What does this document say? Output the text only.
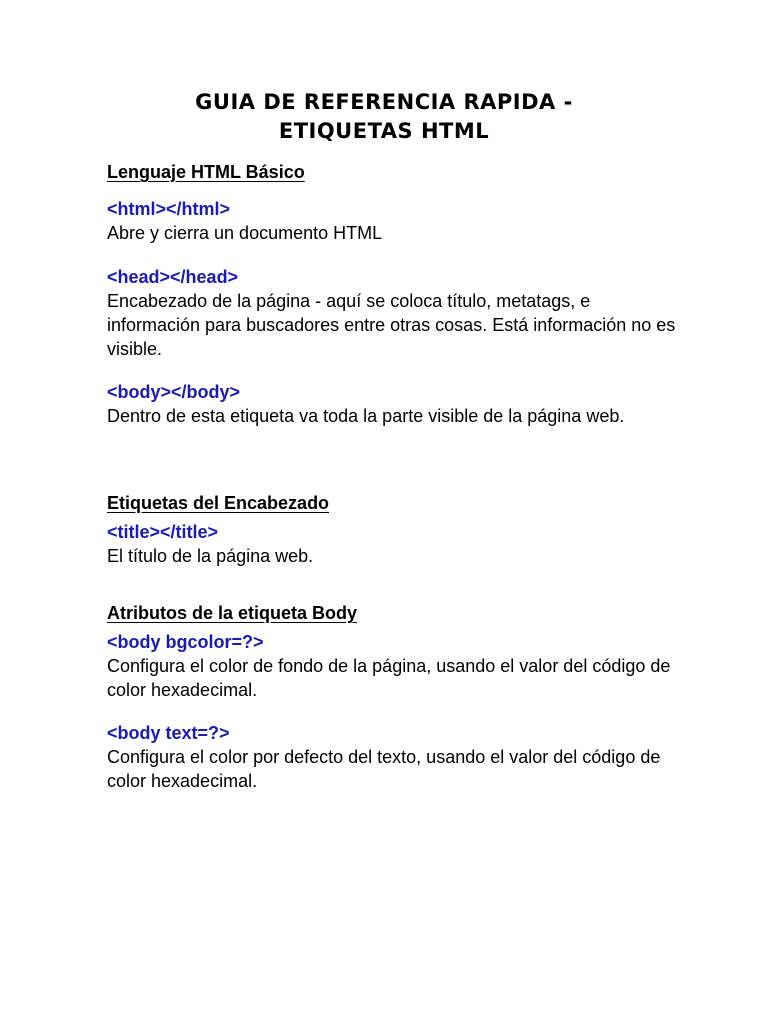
GUIA DE REFERENCIA RAPIDA -
ETIQUETAS HTML
Lenguaje HTML Básico

<html></html>

Abre y cierra un documento HTML

<head></head>

Encabezado de la página - aquí se coloca título, metatags, e información para buscadores entre otras cosas. Está información no es visible.

<body></body>

Dentro de esta etiqueta va toda la parte visible de la página web.

Etiquetas del Encabezado

<title></title>

El título de la página web.

Atributos de la etiqueta Body

<body bgcolor=?>

Configura el color de fondo de la página, usando el valor del código de color hexadecimal.

<body text=?>

Configura el color por defecto del texto, usando el valor del código de color hexadecimal.
